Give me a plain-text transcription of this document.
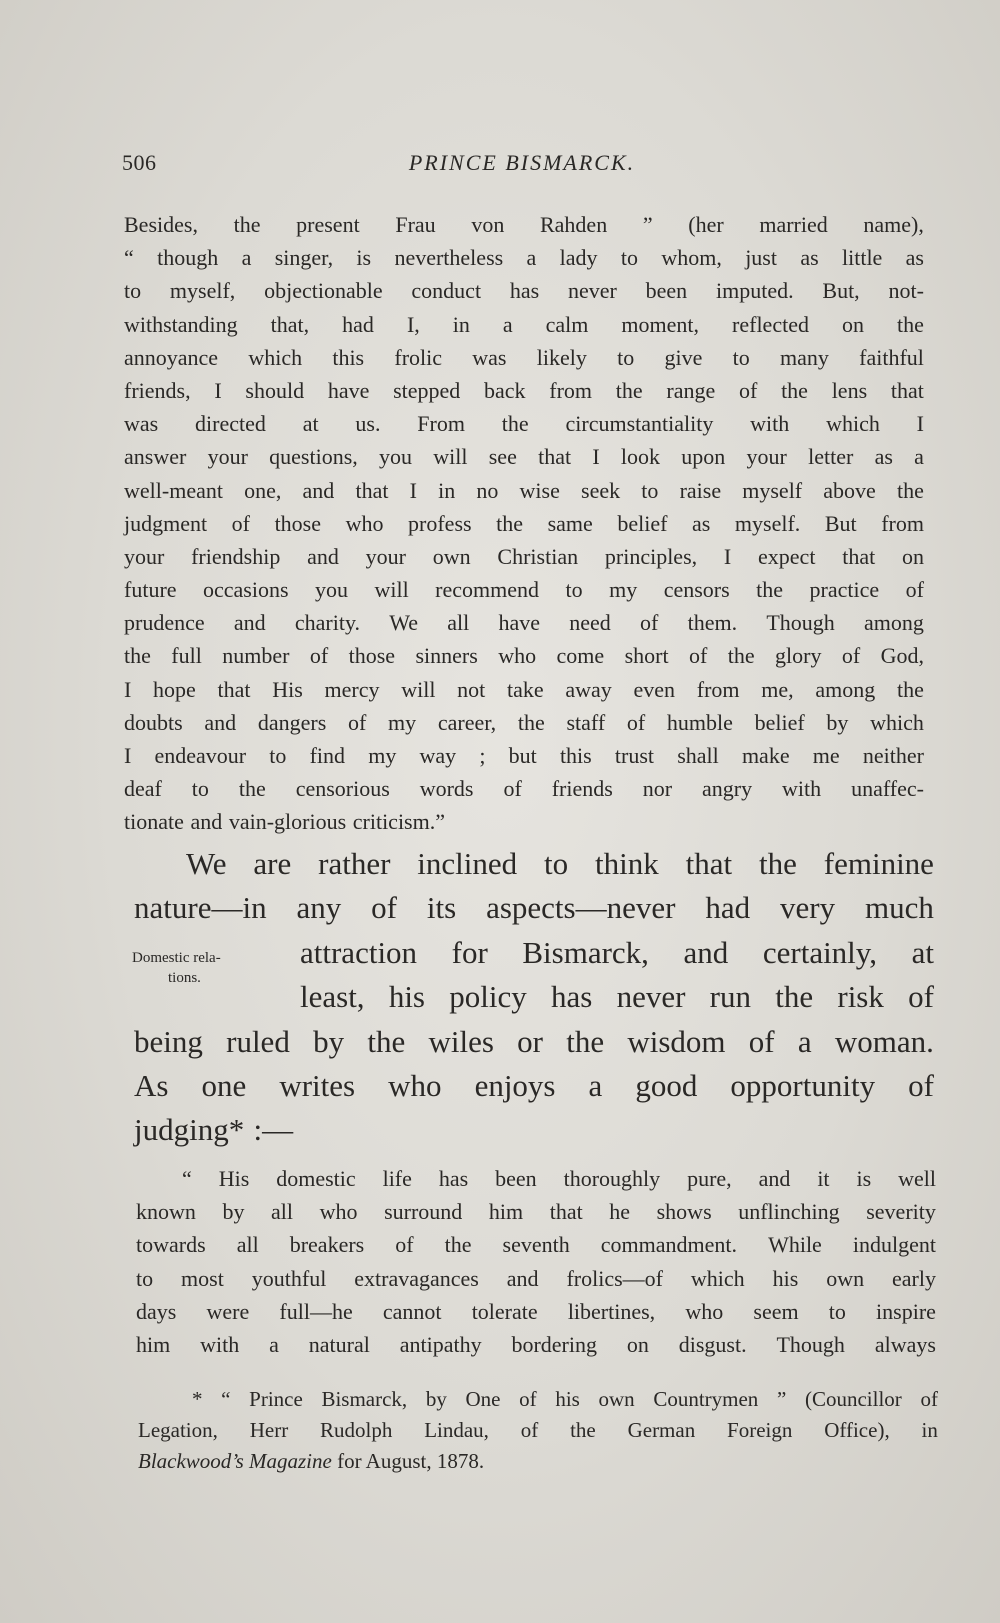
506	PRINCE BISMARCK.
Besides, the present Frau von Rahden ” (her married name),
“ though a singer, is nevertheless a lady to whom, just as little as
to myself, objectionable conduct has never been imputed. But, not-
withstanding that, had I, in a calm moment, reflected on the
annoyance which this frolic was likely to give to many faithful
friends, I should have stepped back from the range of the lens that
was directed at us. From the circumstantiality with which I
answer your questions, you will see that I look upon your letter as a
well-meant one, and that I in no wise seek to raise myself above the
judgment of those who profess the same belief as myself. But from
your friendship and your own Christian principles, I expect that on
future occasions you will recommend to my censors the practice of
prudence and charity. We all have need of them. Though among
the full number of those sinners who come short of the glory of God,
I hope that His mercy will not take away even from me, among the
doubts and dangers of my career, the staff of humble belief by which
I endeavour to find my way ; but this trust shall make me neither
deaf to the censorious words of friends nor angry with unaffec-
tionate and vain-glorious criticism.”
We are rather inclined to think that the feminine
nature—in any of its aspects—never had very much
attraction for Bismarck, and certainly, at
least, his policy has never run the risk of
being ruled by the wiles or the wisdom of a woman.
As one writes who enjoys a good opportunity of
judging* :—
Domestic rela-
tions.
“ His domestic life has been thoroughly pure, and it is well
known by all who surround him that he shows unflinching severity
towards all breakers of the seventh commandment. While indulgent
to most youthful extravagances and frolics—of which his own early
days were full—he cannot tolerate libertines, who seem to inspire
him with a natural antipathy bordering on disgust. Though always
* “ Prince Bismarck, by One of his own Countrymen ” (Councillor of
Legation, Herr Rudolph Lindau, of the German Foreign Office), in
Blackwood’s Magazine for August, 1878.
